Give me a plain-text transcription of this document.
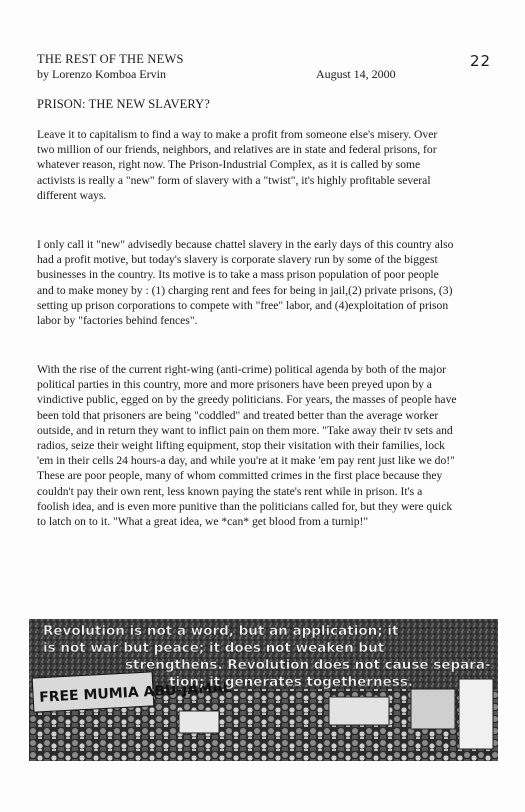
22
THE REST OF THE NEWS
by Lorenzo Komboa Ervin	August 14, 2000
PRISON: THE NEW SLAVERY?

Leave it to capitalism to find a way to make a profit from someone else's misery. Over two million of our friends, neighbors, and relatives are in state and federal prisons, for whatever reason, right now. The Prison-Industrial Complex, as it is called by some activists is really a "new" form of slavery with a "twist", it's highly profitable several different ways.

I only call it "new" advisedly because chattel slavery in the early days of this country also had a profit motive, but today's slavery is corporate slavery run by some of the biggest businesses in the country. Its motive is to take a mass prison population of poor people and to make money by : (1) charging rent and fees for being in jail,(2) private prisons, (3) setting up prison corporations to compete with "free" labor, and (4)exploitation of prison labor by "factories behind fences".

With the rise of the current right-wing (anti-crime) political agenda by both of the major political parties in this country, more and more prisoners have been preyed upon by a vindictive public, egged on by the greedy politicians. For years, the masses of people have been told that prisoners are being "coddled" and treated better than the average worker outside, and in return they want to inflict pain on them more. "Take away their tv sets and radios, seize their weight lifting equipment, stop their visitation with their families, lock 'em in their cells 24 hours-a day, and while you're at it make 'em pay rent just like we do!" These are poor people, many of whom committed crimes in the first place because they couldn't pay their own rent, less known paying the state's rent while in prison. It's a foolish idea, and is even more punitive than the politicians called for, but they were quick to latch on to it. "What a great idea, we *can* get blood from a turnip!"

FREE MUMIA ABU-JAMAL
Revolution is not a word, but an application; it
is not war but peace; it does not weaken but
strengthens. Revolution does not cause separa-
tion; it generates togetherness.
